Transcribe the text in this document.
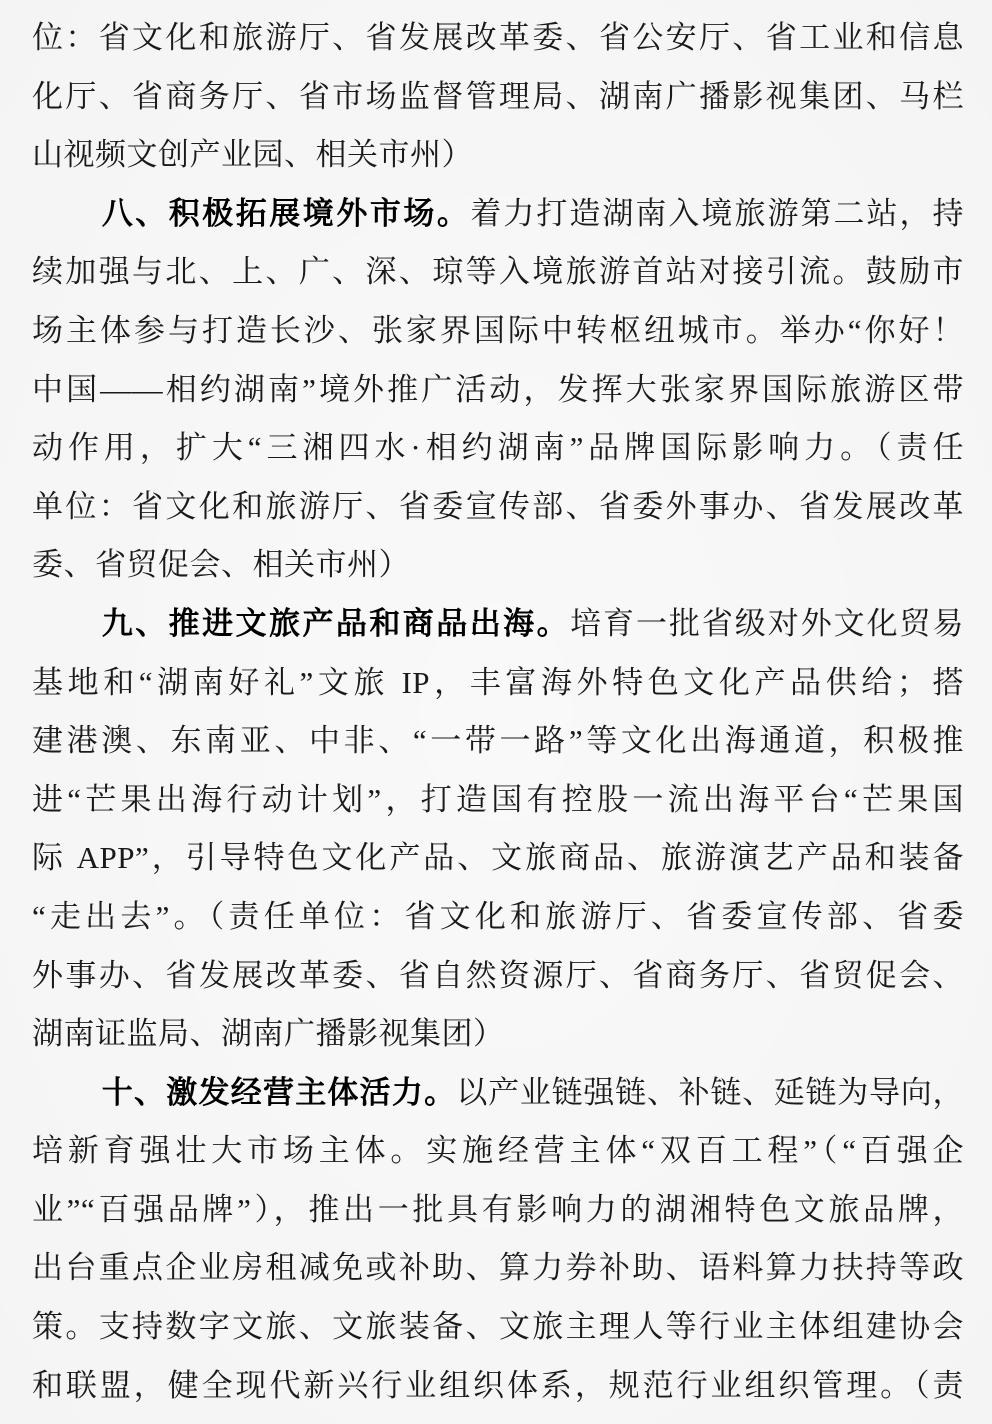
位：省文化和旅游厅、省发展改革委、省公安厅、省工业和信息
化厅、省商务厅、省市场监督管理局、湖南广播影视集团、马栏
山视频文创产业园、相关市州）
八、积极拓展境外市场。着力打造湖南入境旅游第二站，持
续加强与北、上、广、深、琼等入境旅游首站对接引流。鼓励市
场主体参与打造长沙、张家界国际中转枢纽城市。举办“你好！
中国——相约湖南”境外推广活动，发挥大张家界国际旅游区带
动作用，扩大“三湘四水·相约湖南”品牌国际影响力。（责任
单位：省文化和旅游厅、省委宣传部、省委外事办、省发展改革
委、省贸促会、相关市州）
九、推进文旅产品和商品出海。培育一批省级对外文化贸易
基地和“湖南好礼”文旅 IP，丰富海外特色文化产品供给；搭
建港澳、东南亚、中非、“一带一路”等文化出海通道，积极推
进“芒果出海行动计划”，打造国有控股一流出海平台“芒果国
际 APP”，引导特色文化产品、文旅商品、旅游演艺产品和装备
“走出去”。（责任单位：省文化和旅游厅、省委宣传部、省委
外事办、省发展改革委、省自然资源厅、省商务厅、省贸促会、
湖南证监局、湖南广播影视集团）
十、激发经营主体活力。以产业链强链、补链、延链为导向，
培新育强壮大市场主体。实施经营主体“双百工程”（“百强企
业”“百强品牌”），推出一批具有影响力的湖湘特色文旅品牌，
出台重点企业房租减免或补助、算力券补助、语料算力扶持等政
策。支持数字文旅、文旅装备、文旅主理人等行业主体组建协会
和联盟，健全现代新兴行业组织体系，规范行业组织管理。（责
